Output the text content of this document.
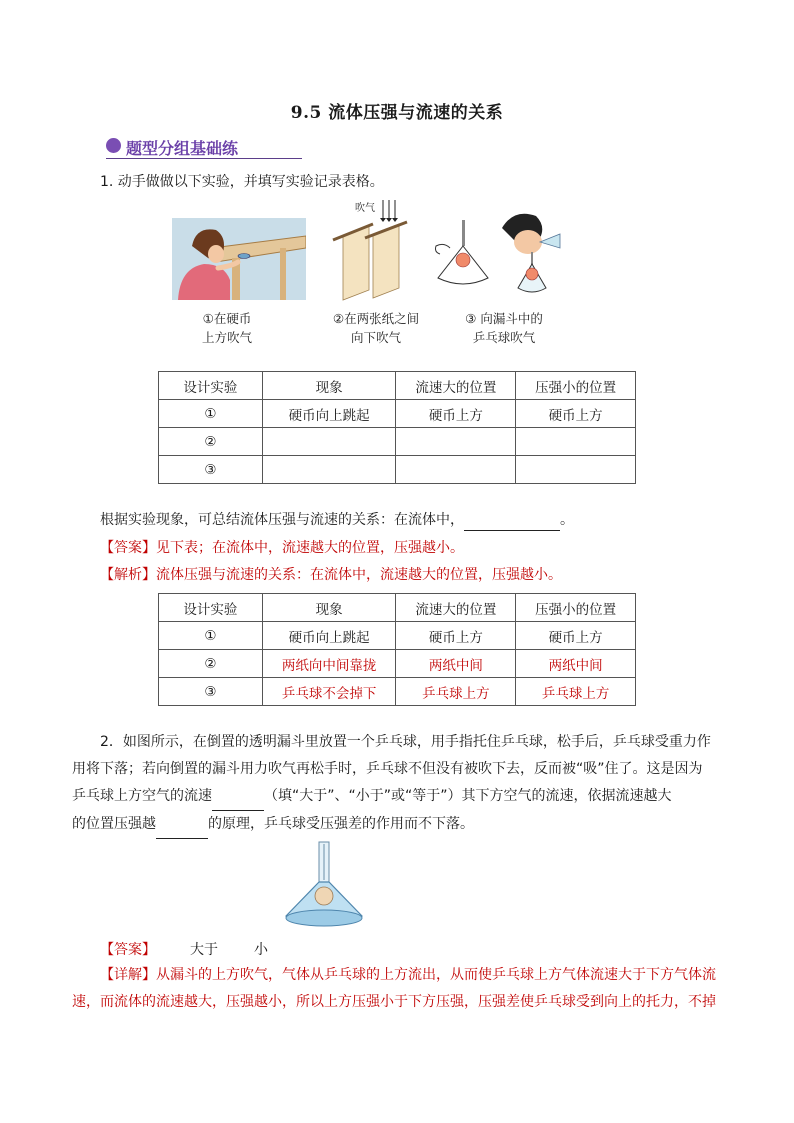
9.5 流体压强与流速的关系
题型分组基础练
1. 动手做做以下实验，并填写实验记录表格。
吹气
①在硬币
上方吹气
②在两张纸之间
向下吹气
③ 向漏斗中的
乒乓球吹气
设计实验	现象	流速大的位置	压强小的位置
①	硬币向上跳起	硬币上方	硬币上方
②			
③			
根据实验现象，可总结流体压强与流速的关系：在流体中，	。
【答案】见下表；在流体中，流速越大的位置，压强越小。
【解析】流体压强与流速的关系：在流体中，流速越大的位置，压强越小。
设计实验	现象	流速大的位置	压强小的位置
①	硬币向上跳起	硬币上方	硬币上方
②	两纸向中间靠拢	两纸中间	两纸中间
③	乒乓球不会掉下	乒乓球上方	乒乓球上方
2．如图所示，在倒置的透明漏斗里放置一个乒乓球，用手指托住乒乓球，松手后，乒乓球受重力作
用将下落；若向倒置的漏斗用力吹气再松手时，乒乓球不但没有被吹下去，反而被“吸”住了。这是因为
乒乓球上方空气的流速	（填“大于”、“小于”或“等于”）其下方空气的流速，依据流速越大
的位置压强越	的原理，乒乓球受压强差的作用而不下落。
【答案】 大于	小
【详解】从漏斗的上方吹气，气体从乒乓球的上方流出，从而使乒乓球上方气体流速大于下方气体流
速，而流体的流速越大，压强越小，所以上方压强小于下方压强，压强差使乒乓球受到向上的托力，不掉
